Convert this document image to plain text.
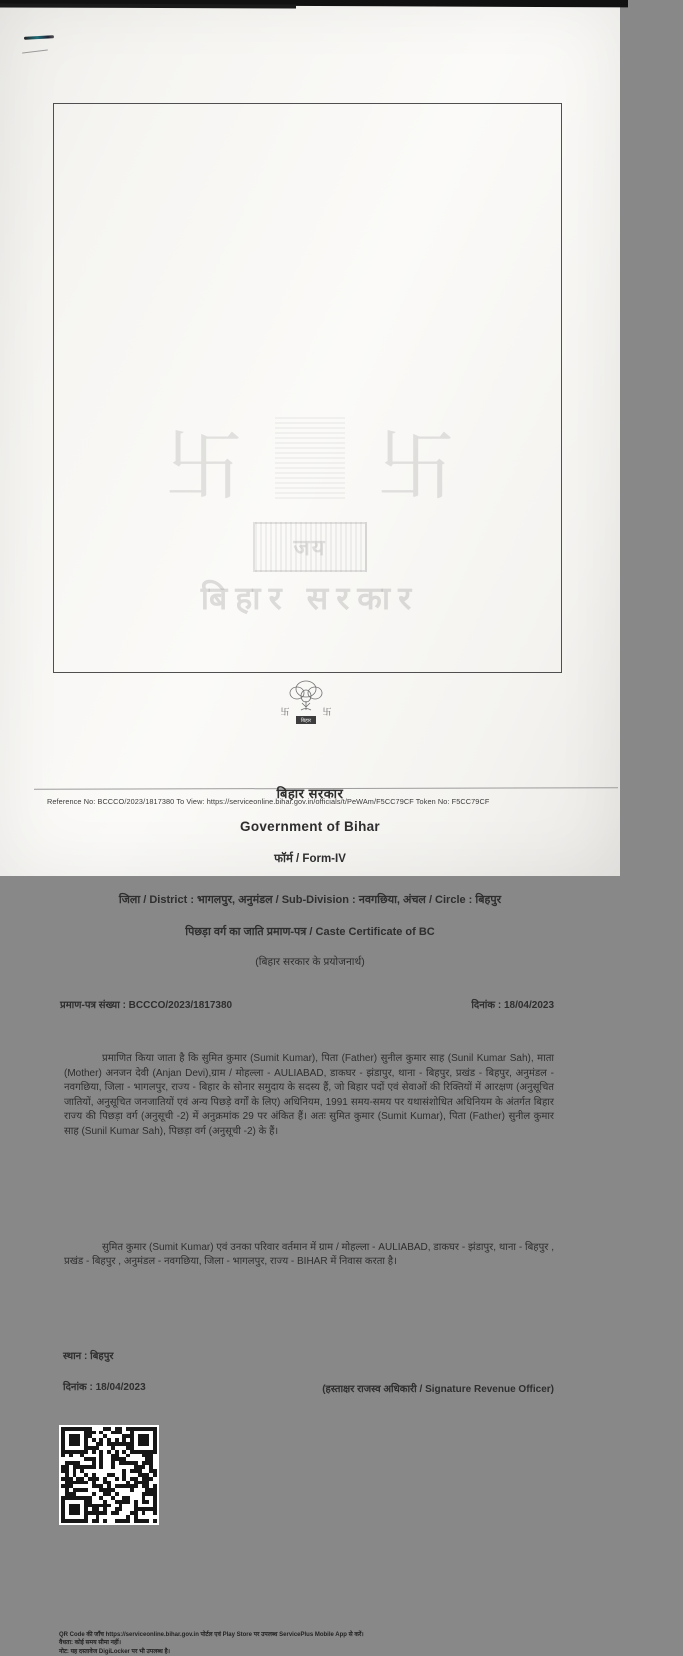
卐 卐
जय
बिहार सरकार
卐	卐
बिहार
बिहार सरकार
Government of Bihar
फॉर्म / Form-IV
जिला / District : भागलपुर, अनुमंडल / Sub-Division : नवगछिया, अंचल / Circle : बिहपुर
पिछड़ा वर्ग का जाति प्रमाण-पत्र / Caste Certificate of BC
(बिहार सरकार के प्रयोजनार्थ)
प्रमाण-पत्र संख्या : BCCCO/2023/1817380	दिनांक : 18/04/2023
प्रमाणित किया जाता है कि सुमित कुमार (Sumit Kumar), पिता (Father) सुनील कुमार साह (Sunil Kumar Sah), माता (Mother) अनजन देवी (Anjan Devi),ग्राम / मोहल्ला - AULIABAD, डाकघर - झंडापुर, थाना - बिहपुर, प्रखंड - बिहपुर, अनुमंडल - नवगछिया, जिला - भागलपुर, राज्य - बिहार के सोनार समुदाय के सदस्य हैं, जो बिहार पदों एवं सेवाओं की रिक्तियों में आरक्षण (अनुसूचित जातियों, अनुसूचित जनजातियों एवं अन्य पिछड़े वर्गों के लिए) अधिनियम, 1991 समय-समय पर यथासंशोधित अधिनियम के अंतर्गत बिहार राज्य की पिछड़ा वर्ग (अनुसूची -2) में अनुक्रमांक 29 पर अंकित हैं। अतः सुमित कुमार (Sumit Kumar), पिता (Father) सुनील कुमार साह (Sunil Kumar Sah), पिछड़ा वर्ग (अनुसूची -2) के हैं।
सुमित कुमार (Sumit Kumar) एवं उनका परिवार वर्तमान में ग्राम / मोहल्ला - AULIABAD, डाकघर - झंडापुर, थाना - बिहपुर , प्रखंड - बिहपुर , अनुमंडल - नवगछिया, जिला - भागलपुर, राज्य - BIHAR में निवास करता है।
स्थान : बिहपुर
दिनांक : 18/04/2023	(हस्ताक्षर राजस्व अधिकारी / Signature Revenue Officer)
QR Code की जाँच https://serviceonline.bihar.gov.in पोर्टल एवं Play Store पर उपलब्ध ServicePlus Mobile App से करें।
वैधता: कोई समय सीमा नहीं।
नोट: यह दस्तावेज DigiLocker पर भी उपलब्ध है।
Reference No: BCCCO/2023/1817380 To View: https://serviceonline.bihar.gov.in/officials/t/PeWAm/F5CC79CF Token No: F5CC79CF
